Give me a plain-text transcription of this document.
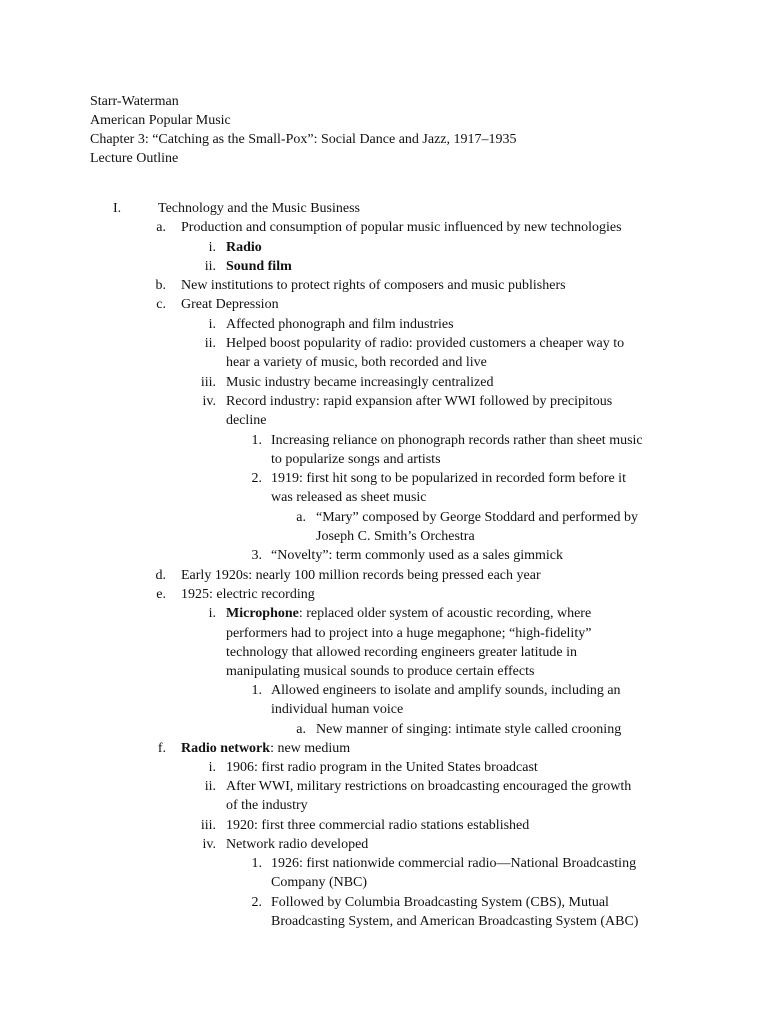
Starr-Waterman
American Popular Music
Chapter 3: “Catching as the Small-Pox”: Social Dance and Jazz, 1917–1935
Lecture Outline
I.	Technology and the Music Business
a. Production and consumption of popular music influenced by new technologies
i. Radio
ii. Sound film
b. New institutions to protect rights of composers and music publishers
c. Great Depression
i. Affected phonograph and film industries
ii. Helped boost popularity of radio: provided customers a cheaper way to
hear a variety of music, both recorded and live
iii. Music industry became increasingly centralized
iv. Record industry: rapid expansion after WWI followed by precipitous
decline
1. Increasing reliance on phonograph records rather than sheet music
to popularize songs and artists
2. 1919: first hit song to be popularized in recorded form before it
was released as sheet music
a. “Mary” composed by George Stoddard and performed by
Joseph C. Smith’s Orchestra
3. “Novelty”: term commonly used as a sales gimmick
d. Early 1920s: nearly 100 million records being pressed each year
e. 1925: electric recording
i. Microphone: replaced older system of acoustic recording, where
performers had to project into a huge megaphone; “high-fidelity”
technology that allowed recording engineers greater latitude in
manipulating musical sounds to produce certain effects
1. Allowed engineers to isolate and amplify sounds, including an
individual human voice
a. New manner of singing: intimate style called crooning
f. Radio network: new medium
i. 1906: first radio program in the United States broadcast
ii. After WWI, military restrictions on broadcasting encouraged the growth
of the industry
iii. 1920: first three commercial radio stations established
iv. Network radio developed
1. 1926: first nationwide commercial radio—National Broadcasting
Company (NBC)
2. Followed by Columbia Broadcasting System (CBS), Mutual
Broadcasting System, and American Broadcasting System (ABC)
